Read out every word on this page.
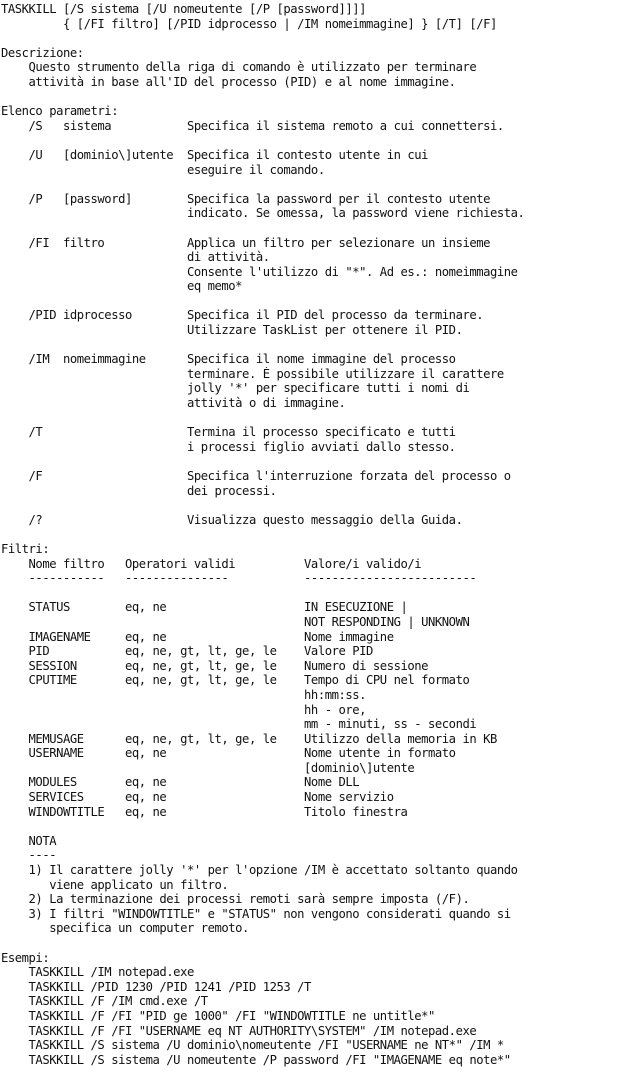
TASKKILL [/S sistema [/U nomeutente [/P [password]]]]
{ [/FI filtro] [/PID idprocesso | /IM nomeimmagine] } [/T] [/F]
Descrizione:
Questo strumento della riga di comando è utilizzato per terminare
attività in base all'ID del processo (PID) e al nome immagine.
Elenco parametri:
/S   sistema           Specifica il sistema remoto a cui connettersi.
/U   [dominio\]utente  Specifica il contesto utente in cui
eseguire il comando.
/P   [password]        Specifica la password per il contesto utente
indicato. Se omessa, la password viene richiesta.
/FI  filtro            Applica un filtro per selezionare un insieme
di attività.
Consente l'utilizzo di "*". Ad es.: nomeimmagine
eq memo*
/PID idprocesso        Specifica il PID del processo da terminare.
Utilizzare TaskList per ottenere il PID.
/IM  nomeimmagine      Specifica il nome immagine del processo
terminare. È possibile utilizzare il carattere
jolly '*' per specificare tutti i nomi di
attività o di immagine.
/T                     Termina il processo specificato e tutti
i processi figlio avviati dallo stesso.
/F                     Specifica l'interruzione forzata del processo o
dei processi.
/?                     Visualizza questo messaggio della Guida.
Filtri:
Nome filtro   Operatori validi          Valore/i valido/i
-----------   ---------------           -------------------------
STATUS        eq, ne                    IN ESECUZIONE |
NOT RESPONDING | UNKNOWN
IMAGENAME     eq, ne                    Nome immagine
PID           eq, ne, gt, lt, ge, le    Valore PID
SESSION       eq, ne, gt, lt, ge, le    Numero di sessione
CPUTIME       eq, ne, gt, lt, ge, le    Tempo di CPU nel formato
hh:mm:ss.
hh - ore,
mm - minuti, ss - secondi
MEMUSAGE      eq, ne, gt, lt, ge, le    Utilizzo della memoria in KB
USERNAME      eq, ne                    Nome utente in formato
[dominio\]utente
MODULES       eq, ne                    Nome DLL
SERVICES      eq, ne                    Nome servizio
WINDOWTITLE   eq, ne                    Titolo finestra
NOTA
----
1) Il carattere jolly '*' per l'opzione /IM è accettato soltanto quando
viene applicato un filtro.
2) La terminazione dei processi remoti sarà sempre imposta (/F).
3) I filtri "WINDOWTITLE" e "STATUS" non vengono considerati quando si
specifica un computer remoto.
Esempi:
TASKKILL /IM notepad.exe
TASKKILL /PID 1230 /PID 1241 /PID 1253 /T
TASKKILL /F /IM cmd.exe /T
TASKKILL /F /FI "PID ge 1000" /FI "WINDOWTITLE ne untitle*"
TASKKILL /F /FI "USERNAME eq NT AUTHORITY\SYSTEM" /IM notepad.exe
TASKKILL /S sistema /U dominio\nomeutente /FI "USERNAME ne NT*" /IM *
TASKKILL /S sistema /U nomeutente /P password /FI "IMAGENAME eq note*"
